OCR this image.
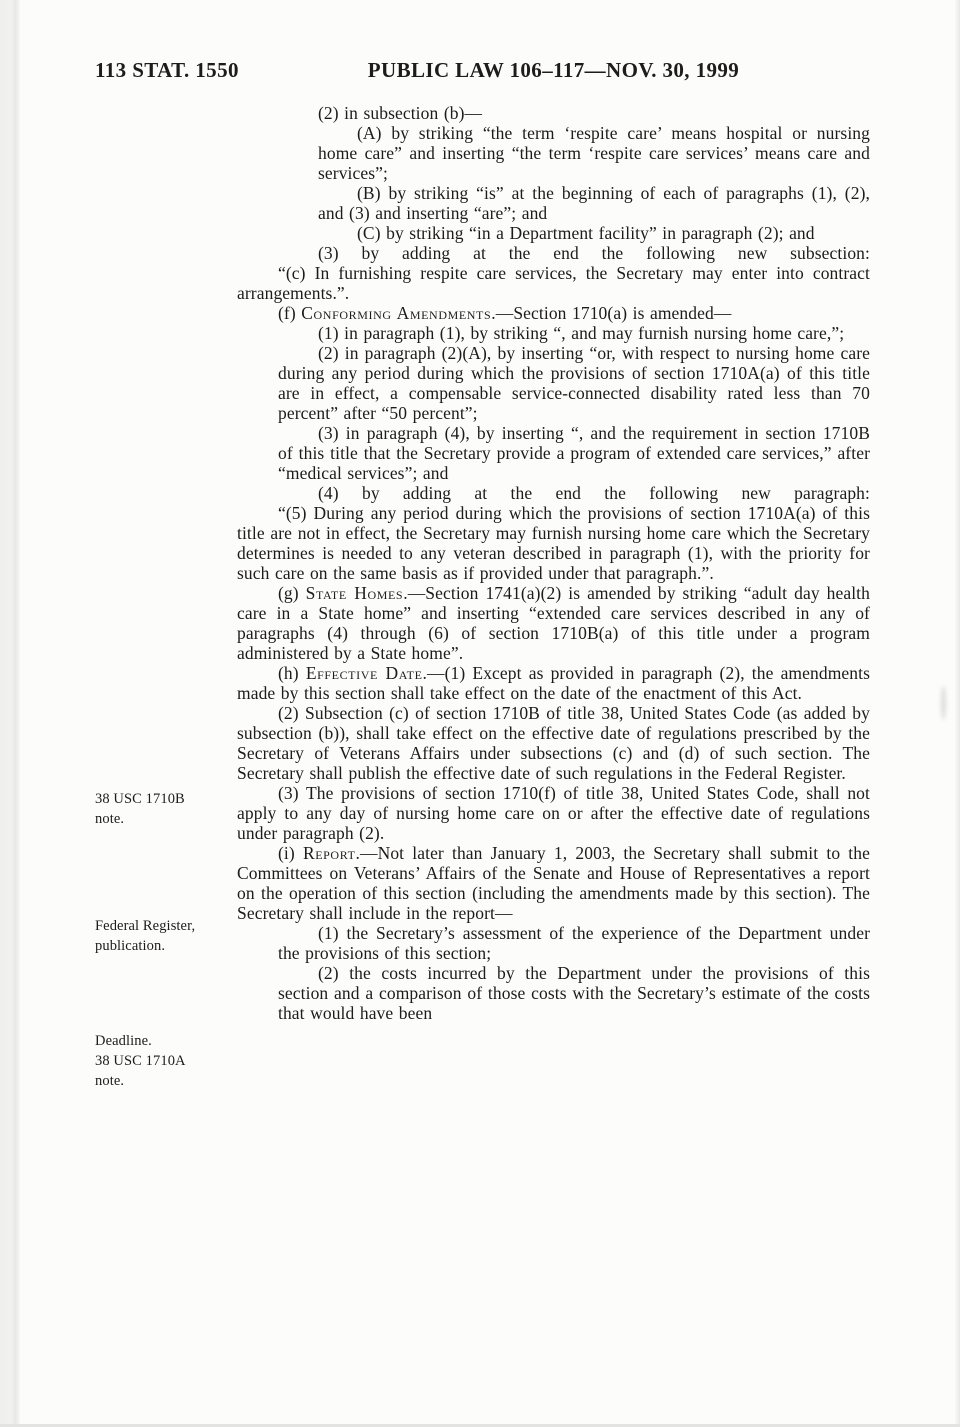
113 STAT. 1550	PUBLIC LAW 106–117—NOV. 30, 1999
38 USC 1710B
note.
Federal Register,
publication.
Deadline.
38 USC 1710A
note.

(2) in subsection (b)—

(A) by striking “the term ‘respite care’ means hospital or nursing home care” and inserting “the term ‘respite care services’ means care and services”;

(B) by striking “is” at the beginning of each of paragraphs (1), (2), and (3) and inserting “are”; and

(C) by striking “in a Department facility” in paragraph (2); and

(3) by adding at the end the following new subsection:

“(c) In furnishing respite care services, the Secretary may enter into contract arrangements.”.

(f) Conforming Amendments.—Section 1710(a) is amended—

(1) in paragraph (1), by striking “, and may furnish nursing home care,”;

(2) in paragraph (2)(A), by inserting “or, with respect to nursing home care during any period during which the provisions of section 1710A(a) of this title are in effect, a compensable service-connected disability rated less than 70 percent” after “50 percent”;

(3) in paragraph (4), by inserting “, and the requirement in section 1710B of this title that the Secretary provide a program of extended care services,” after “medical services”; and

(4) by adding at the end the following new paragraph:

“(5) During any period during which the provisions of section 1710A(a) of this title are not in effect, the Secretary may furnish nursing home care which the Secretary determines is needed to any veteran described in paragraph (1), with the priority for such care on the same basis as if provided under that paragraph.”.

(g) State Homes.—Section 1741(a)(2) is amended by striking “adult day health care in a State home” and inserting “extended care services described in any of paragraphs (4) through (6) of section 1710B(a) of this title under a program administered by a State home”.

(h) Effective Date.—(1) Except as provided in paragraph (2), the amendments made by this section shall take effect on the date of the enactment of this Act.

(2) Subsection (c) of section 1710B of title 38, United States Code (as added by subsection (b)), shall take effect on the effective date of regulations prescribed by the Secretary of Veterans Affairs under subsections (c) and (d) of such section. The Secretary shall publish the effective date of such regulations in the Federal Register.

(3) The provisions of section 1710(f) of title 38, United States Code, shall not apply to any day of nursing home care on or after the effective date of regulations under paragraph (2).

(i) Report.—Not later than January 1, 2003, the Secretary shall submit to the Committees on Veterans’ Affairs of the Senate and House of Representatives a report on the operation of this section (including the amendments made by this section). The Secretary shall include in the report—

(1) the Secretary’s assessment of the experience of the Department under the provisions of this section;

(2) the costs incurred by the Department under the provisions of this section and a comparison of those costs with the Secretary’s estimate of the costs that would have been
